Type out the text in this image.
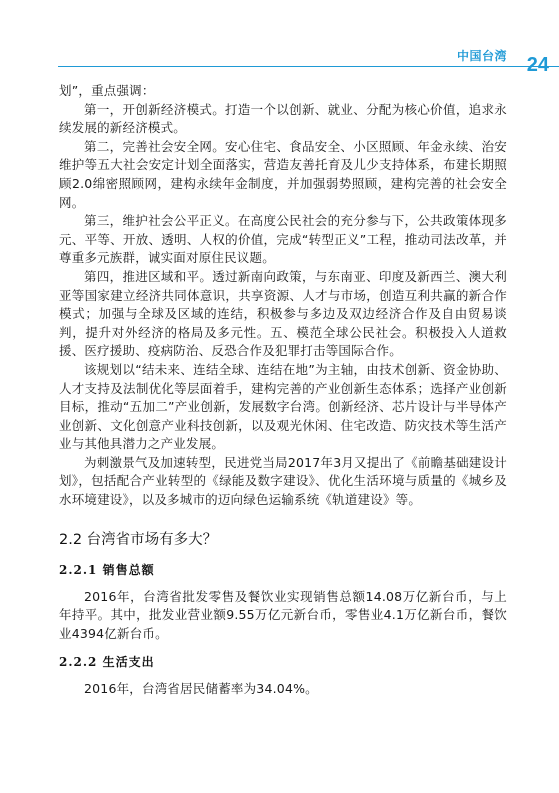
中国台湾 24

划”，重点强调：

第一，开创新经济模式。打造一个以创新、就业、分配为核心价值，追求永续发展的新经济模式。

第二，完善社会安全网。安心住宅、食品安全、小区照顾、年金永续、治安维护等五大社会安定计划全面落实，营造友善托育及儿少支持体系，布建长期照顾2.0绵密照顾网，建构永续年金制度，并加强弱势照顾，建构完善的社会安全网。

第三，维护社会公平正义。在高度公民社会的充分参与下，公共政策体现多元、平等、开放、透明、人权的价值，完成“转型正义”工程，推动司法改革，并尊重多元族群，诚实面对原住民议题。

第四，推进区域和平。透过新南向政策，与东南亚、印度及新西兰、澳大利亚等国家建立经济共同体意识，共享资源、人才与市场，创造互利共赢的新合作模式；加强与全球及区域的连结，积极参与多边及双边经济合作及自由贸易谈判，提升对外经济的格局及多元性。五、模范全球公民社会。积极投入人道救援、医疗援助、疫病防治、反恐合作及犯罪打击等国际合作。

该规划以“结未来、连结全球、连结在地”为主轴，由技术创新、资金协助、人才支持及法制优化等层面着手，建构完善的产业创新生态体系；选择产业创新目标，推动“五加二”产业创新，发展数字台湾。创新经济、芯片设计与半导体产业创新、文化创意产业科技创新，以及观光休闲、住宅改造、防灾技术等生活产业与其他具潜力之产业发展。

为刺激景气及加速转型，民进党当局2017年3月又提出了《前瞻基础建设计划》，包括配合产业转型的《绿能及数字建设》、优化生活环境与质量的《城乡及水环境建设》，以及多城市的迈向绿色运输系统《轨道建设》等。

2.2 台湾省市场有多大？
2.2.1 销售总额

2016年，台湾省批发零售及餐饮业实现销售总额14.08万亿新台币，与上年持平。其中，批发业营业额9.55万亿元新台币，零售业4.1万亿新台币，餐饮业4394亿新台币。

2.2.2 生活支出

2016年，台湾省居民储蓄率为34.04%。
